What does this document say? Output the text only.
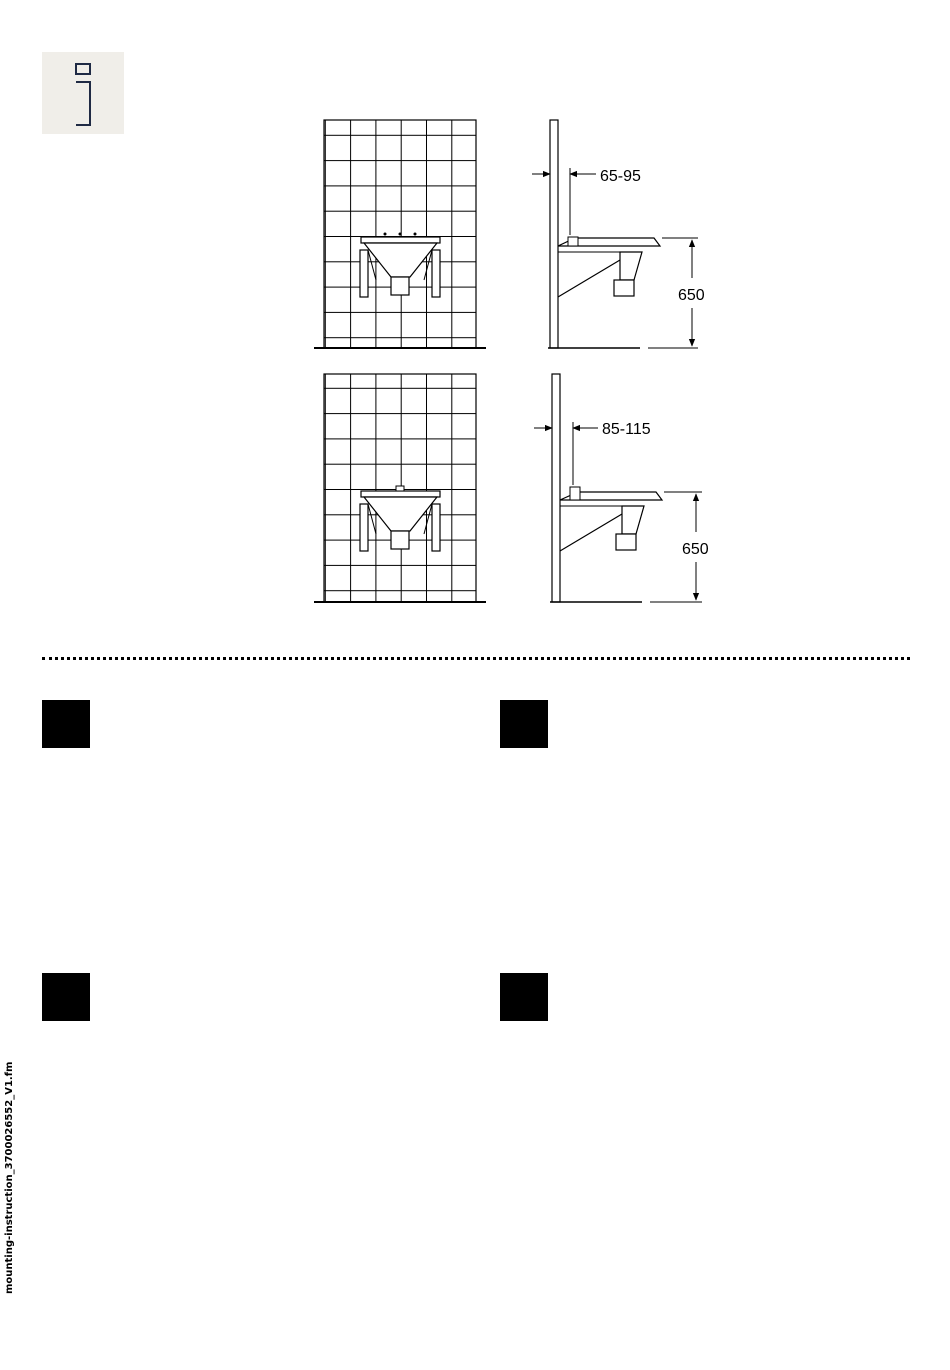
65-95
650
85-115
650
mounting-instruction_3700026552_V1.fm
